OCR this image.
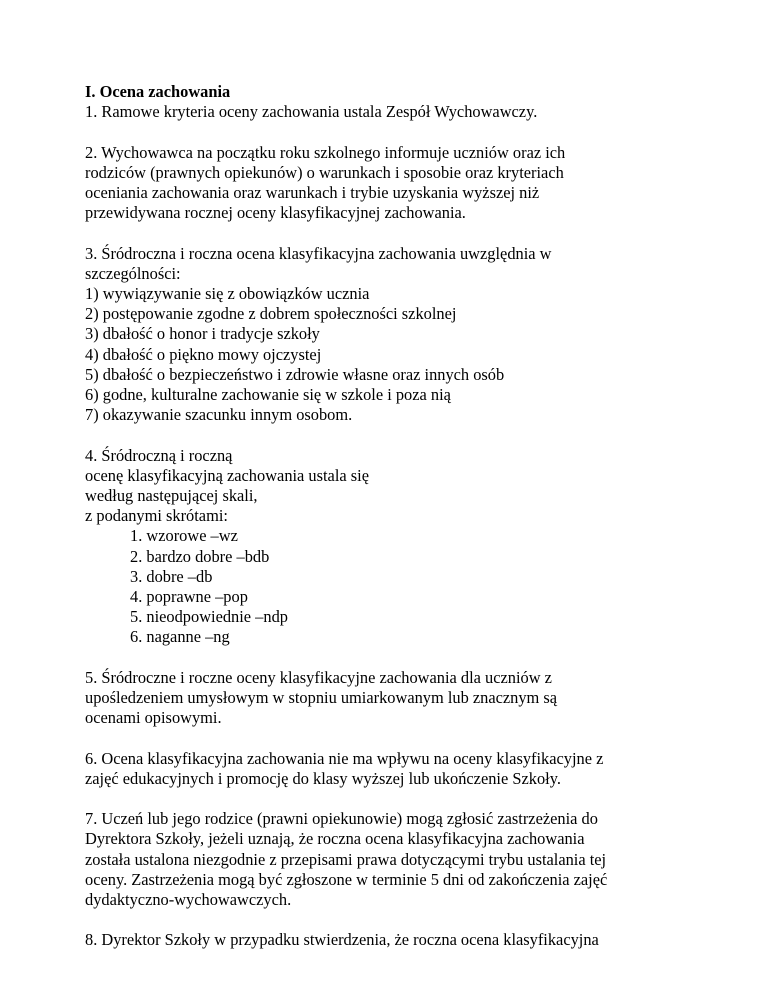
I. Ocena zachowania
1. Ramowe kryteria oceny zachowania ustala Zespół Wychowawczy.
2. Wychowawca na początku roku szkolnego informuje uczniów oraz ich
rodziców (prawnych opiekunów) o warunkach i sposobie oraz kryteriach
oceniania zachowania oraz warunkach i trybie uzyskania wyższej niż
przewidywana rocznej oceny klasyfikacyjnej zachowania.
3. Śródroczna i roczna ocena klasyfikacyjna zachowania uwzględnia w
szczególności:
1) wywiązywanie się z obowiązków ucznia
2) postępowanie zgodne z dobrem społeczności szkolnej
3) dbałość o honor i tradycje szkoły
4) dbałość o piękno mowy ojczystej
5) dbałość o bezpieczeństwo i zdrowie własne oraz innych osób
6) godne, kulturalne zachowanie się w szkole i poza nią
7) okazywanie szacunku innym osobom.
4. Śródroczną i roczną
ocenę klasyfikacyjną zachowania ustala się
według następującej skali,
z podanymi skrótami:
1. wzorowe –wz
2. bardzo dobre –bdb
3. dobre –db
4. poprawne –pop
5. nieodpowiednie –ndp
6. naganne –ng
5. Śródroczne i roczne oceny klasyfikacyjne zachowania dla uczniów z
upośledzeniem umysłowym w stopniu umiarkowanym lub znacznym są
ocenami opisowymi.
6. Ocena klasyfikacyjna zachowania nie ma wpływu na oceny klasyfikacyjne z
zajęć edukacyjnych i promocję do klasy wyższej lub ukończenie Szkoły.
7. Uczeń lub jego rodzice (prawni opiekunowie) mogą zgłosić zastrzeżenia do
Dyrektora Szkoły, jeżeli uznają, że roczna ocena klasyfikacyjna zachowania
została ustalona niezgodnie z przepisami prawa dotyczącymi trybu ustalania tej
oceny. Zastrzeżenia mogą być zgłoszone w terminie 5 dni od zakończenia zajęć
dydaktyczno-wychowawczych.
8. Dyrektor Szkoły w przypadku stwierdzenia, że roczna ocena klasyfikacyjna
